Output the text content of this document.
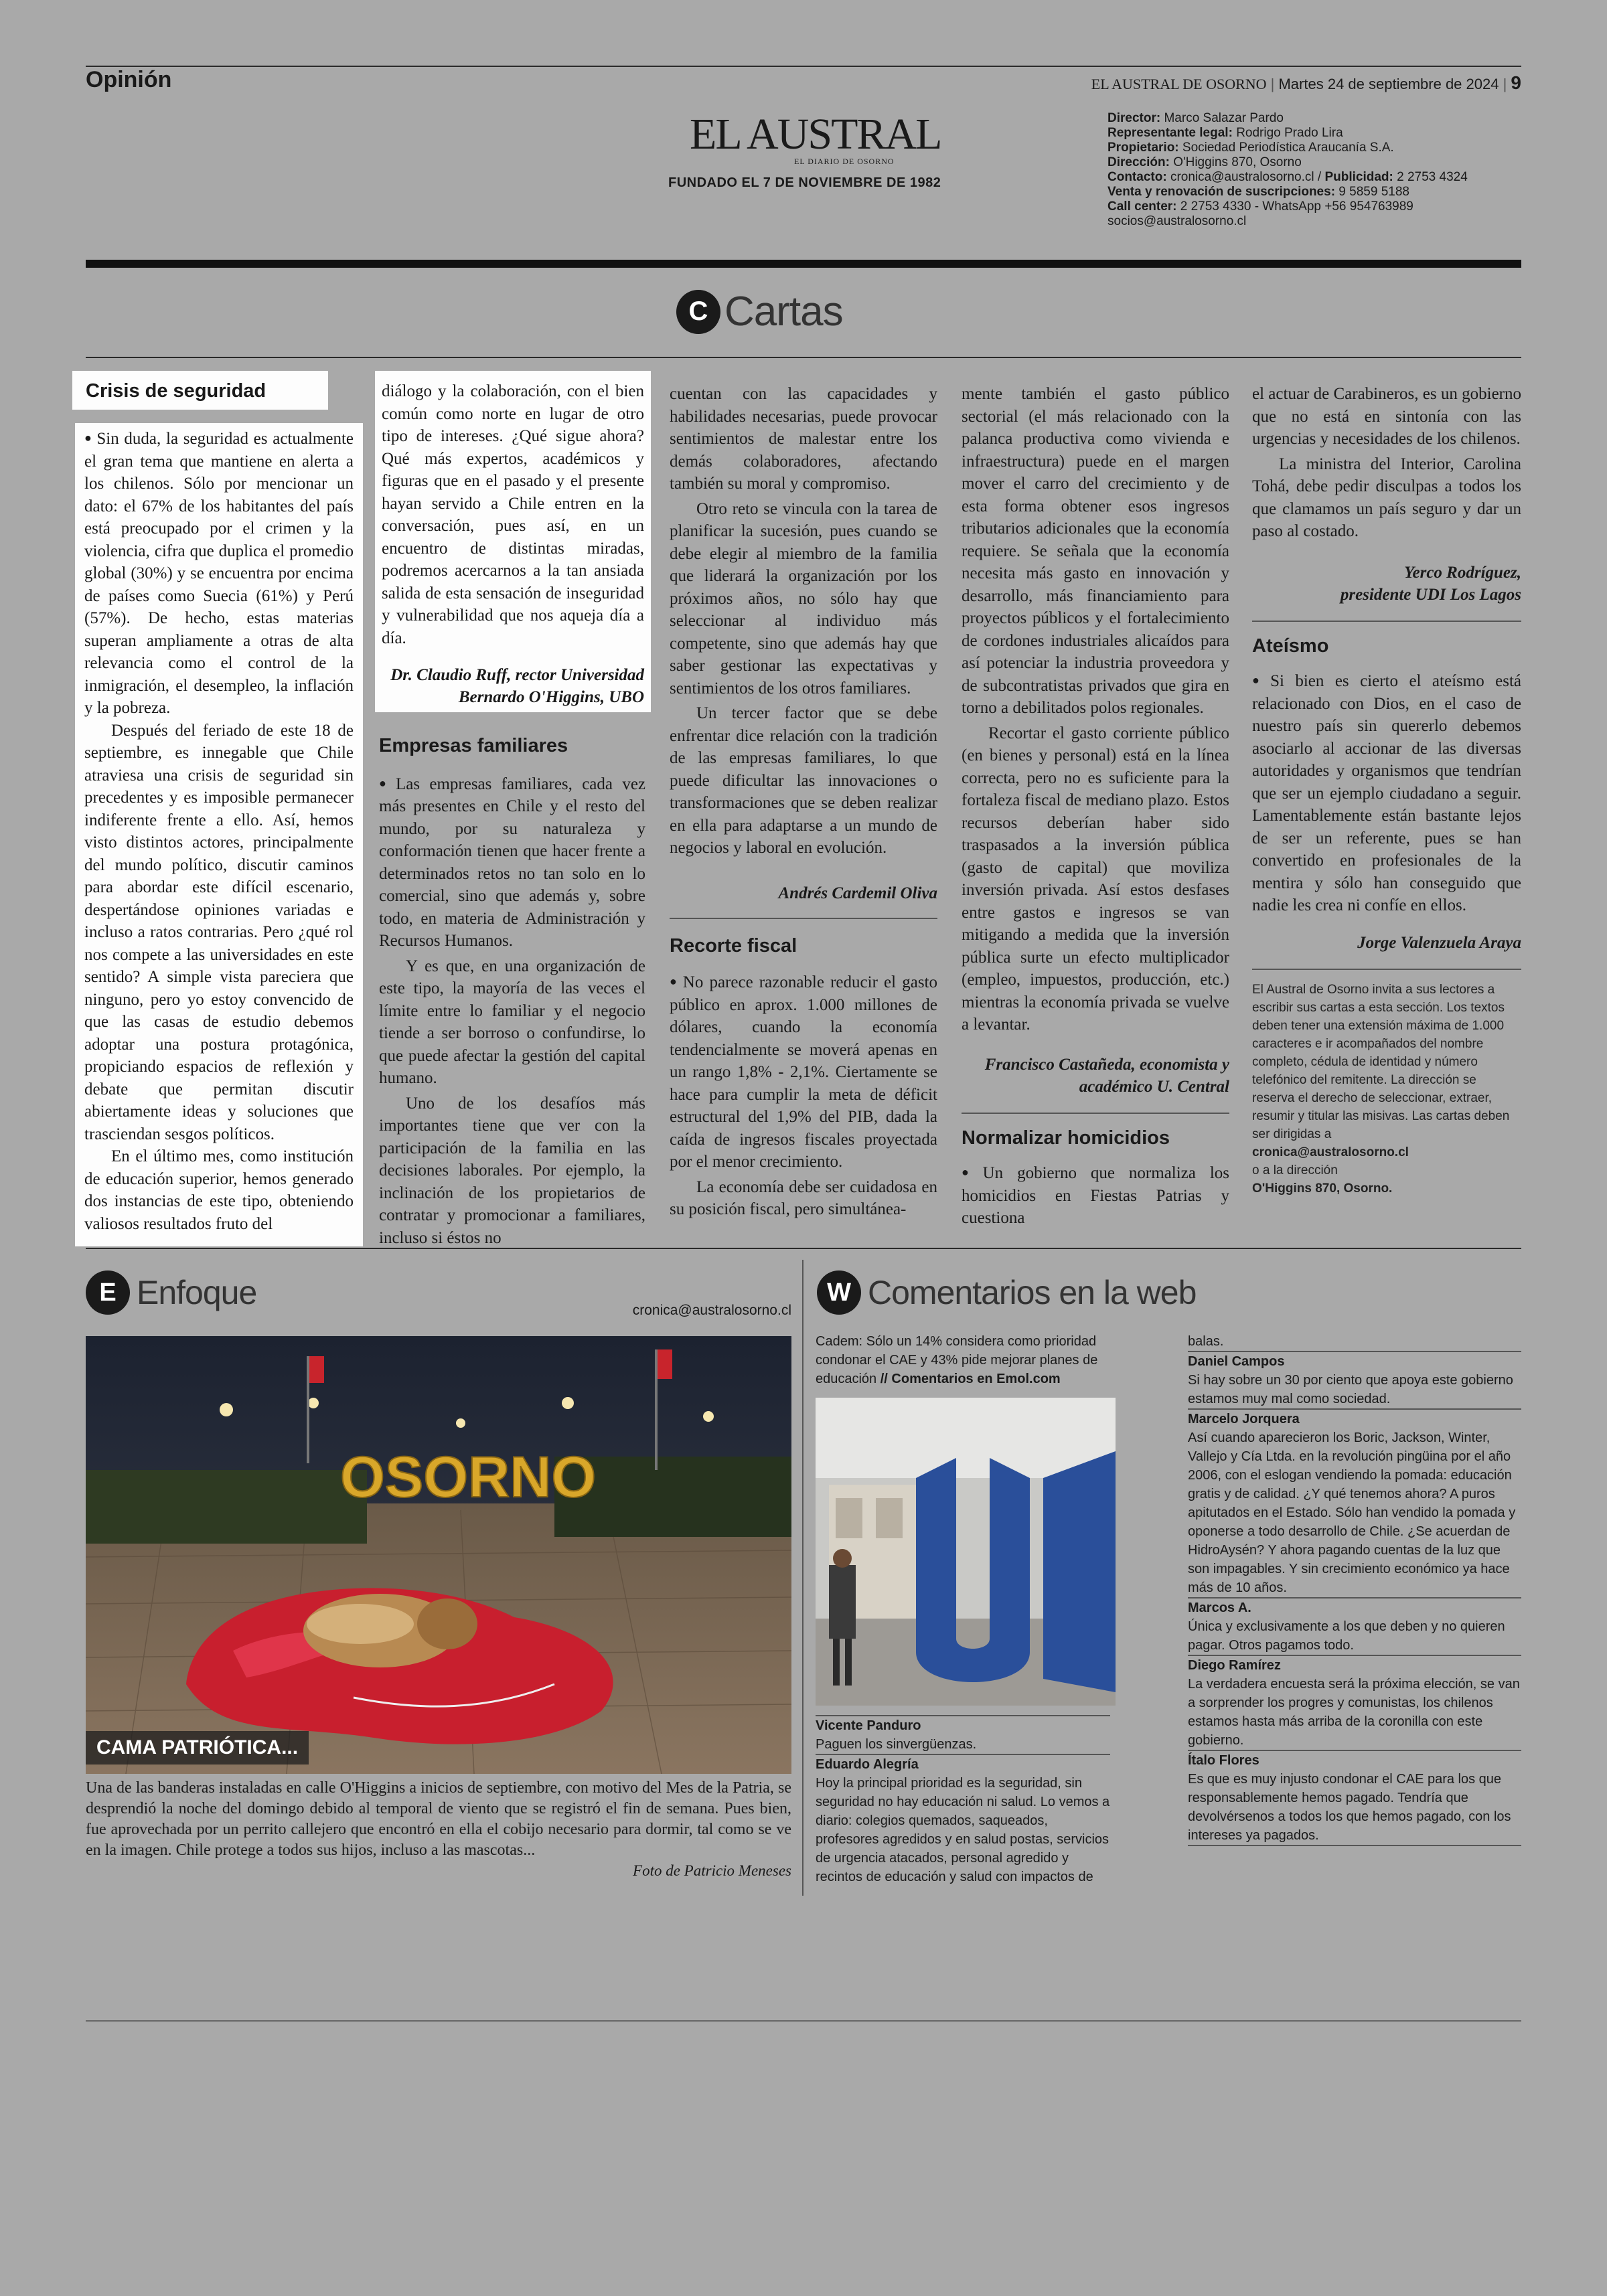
Opinión	EL AUSTRAL DE OSORNO | Martes 24 de septiembre de 2024 | 9
EL AUSTRAL
EL DIARIO DE OSORNO
FUNDADO EL 7 DE NOVIEMBRE DE 1982
Director: Marco Salazar Pardo
Representante legal: Rodrigo Prado Lira
Propietario: Sociedad Periodística Araucanía S.A.
Dirección: O'Higgins 870, Osorno
Contacto: cronica@australosorno.cl / Publicidad: 2 2753 4324
Venta y renovación de suscripciones: 9 5859 5188
Call center: 2 2753 4330 - WhatsApp +56 954763989
socios@australosorno.cl
C Cartas
Crisis de seguridad

● Sin duda, la seguridad es actualmente el gran tema que mantiene en alerta a los chilenos. Sólo por mencionar un dato: el 67% de los habitantes del país está preocupado por el crimen y la violencia, cifra que duplica el promedio global (30%) y se encuentra por encima de países como Suecia (61%) y Perú (57%). De hecho, estas materias superan ampliamente a otras de alta relevancia como el control de la inmigración, el desempleo, la inflación y la pobreza.

Después del feriado de este 18 de septiembre, es innegable que Chile atraviesa una crisis de seguridad sin precedentes y es imposible permanecer indiferente frente a ello. Así, hemos visto distintos actores, principalmente del mundo político, discutir caminos para abordar este difícil escenario, despertándose opiniones variadas e incluso a ratos contrarias. Pero ¿qué rol nos compete a las universidades en este sentido? A simple vista pareciera que ninguno, pero yo estoy convencido de que las casas de estudio debemos adoptar una postura protagónica, propiciando espacios de reflexión y debate que permitan discutir abiertamente ideas y soluciones que trasciendan sesgos políticos.

En el último mes, como institución de educación superior, hemos generado dos instancias de este tipo, obteniendo valiosos resultados fruto del

diálogo y la colaboración, con el bien común como norte en lugar de otro tipo de intereses. ¿Qué sigue ahora? Qué más expertos, académicos y figuras que en el pasado y el presente hayan servido a Chile entren en la conversación, pues así, en un encuentro de distintas miradas, podremos acercarnos a la tan ansiada salida de esta sensación de inseguridad y vulnerabilidad que nos aqueja día a día.

Dr. Claudio Ruff, rector Universidad
Bernardo O'Higgins, UBO
Empresas familiares

● Las empresas familiares, cada vez más presentes en Chile y el resto del mundo, por su naturaleza y conformación tienen que hacer frente a determinados retos no tan solo en lo comercial, sino que además y, sobre todo, en materia de Administración y Recursos Humanos.

Y es que, en una organización de este tipo, la mayoría de las veces el límite entre lo familiar y el negocio tiende a ser borroso o confundirse, lo que puede afectar la gestión del capital humano.

Uno de los desafíos más importantes tiene que ver con la participación de la familia en las decisiones laborales. Por ejemplo, la inclinación de los propietarios de contratar y promocionar a familiares, incluso si éstos no

cuentan con las capacidades y habilidades necesarias, puede provocar sentimientos de malestar entre los demás colaboradores, afectando también su moral y compromiso.

Otro reto se vincula con la tarea de planificar la sucesión, pues cuando se debe elegir al miembro de la familia que liderará la organización por los próximos años, no sólo hay que seleccionar al individuo más competente, sino que además hay que saber gestionar las expectativas y sentimientos de los otros familiares.

Un tercer factor que se debe enfrentar dice relación con la tradición de las empresas familiares, lo que puede dificultar las innovaciones o transformaciones que se deben realizar en ella para adaptarse a un mundo de negocios y laboral en evolución.

Andrés Cardemil Oliva
Recorte fiscal

● No parece razonable reducir el gasto público en aprox. 1.000 millones de dólares, cuando la economía tendencialmente se moverá apenas en un rango 1,8% - 2,1%. Ciertamente se hace para cumplir la meta de déficit estructural del 1,9% del PIB, dada la caída de ingresos fiscales proyectada por el menor crecimiento.

La economía debe ser cuidadosa en su posición fiscal, pero simultánea-

mente también el gasto público sectorial (el más relacionado con la palanca productiva como vivienda e infraestructura) puede en el margen mover el carro del crecimiento y de esta forma obtener esos ingresos tributarios adicionales que la economía requiere. Se señala que la economía necesita más gasto en innovación y desarrollo, más financiamiento para proyectos públicos y el fortalecimiento de cordones industriales alicaídos para así potenciar la industria proveedora y de subcontratistas privados que gira en torno a debilitados polos regionales.

Recortar el gasto corriente público (en bienes y personal) está en la línea correcta, pero no es suficiente para la fortaleza fiscal de mediano plazo. Estos recursos deberían haber sido traspasados a la inversión pública (gasto de capital) que moviliza inversión privada. Así estos desfases entre gastos e ingresos se van mitigando a medida que la inversión pública surte un efecto multiplicador (empleo, impuestos, producción, etc.) mientras la economía privada se vuelve a levantar.

Francisco Castañeda, economista y
académico U. Central
Normalizar homicidios

● Un gobierno que normaliza los homicidios en Fiestas Patrias y cuestiona

el actuar de Carabineros, es un gobierno que no está en sintonía con las urgencias y necesidades de los chilenos.

La ministra del Interior, Carolina Tohá, debe pedir disculpas a todos los que clamamos un país seguro y dar un paso al costado.

Yerco Rodríguez,
presidente UDI Los Lagos
Ateísmo

● Si bien es cierto el ateísmo está relacionado con Dios, en el caso de nuestro país sin quererlo debemos asociarlo al accionar de las diversas autoridades y organismos que tendrían que ser un ejemplo ciudadano a seguir. Lamentablemente están bastante lejos de ser un referente, pues se han convertido en profesionales de la mentira y sólo han conseguido que nadie les crea ni confíe en ellos.

Jorge Valenzuela Araya
El Austral de Osorno invita a sus lectores a escribir sus cartas a esta sección. Los textos deben tener una extensión máxima de 1.000 caracteres e ir acompañados del nombre completo, cédula de identidad y número telefónico del remitente. La dirección se reserva el derecho de seleccionar, extraer, resumir y titular las misivas. Las cartas deben ser dirigidas a
cronica@australosorno.cl
o a la dirección
O'Higgins 870, Osorno.
E Enfoque	cronica@australosorno.cl
OSORNO
CAMA PATRIÓTICA...

Una de las banderas instaladas en calle O'Higgins a inicios de septiembre, con motivo del Mes de la Patria, se desprendió la noche del domingo debido al temporal de viento que se registró el fin de semana. Pues bien, fue aprovechada por un perrito callejero que encontró en ella el cobijo necesario para dormir, tal como se ve en la imagen. Chile protege a todos sus hijos, incluso a las mascotas...

Foto de Patricio Meneses
W Comentarios en la web
Cadem: Sólo un 14% considera como prioridad condonar el CAE y 43% pide mejorar planes de educación // Comentarios en Emol.com
Vicente Panduro
Paguen los sinvergüenzas.
Eduardo Alegría
Hoy la principal prioridad es la seguridad, sin seguridad no hay educación ni salud. Lo vemos a diario: colegios quemados, saqueados, profesores agredidos y en salud postas, servicios de urgencia atacados, personal agredido y recintos de educación y salud con impactos de
balas.
Daniel Campos
Si hay sobre un 30 por ciento que apoya este gobierno estamos muy mal como sociedad.
Marcelo Jorquera
Así cuando aparecieron los Boric, Jackson, Winter, Vallejo y Cía Ltda. en la revolución pingüina por el año 2006, con el eslogan vendiendo la pomada: educación gratis y de calidad. ¿Y qué tenemos ahora? A puros apitutados en el Estado. Sólo han vendido la pomada y oponerse a todo desarrollo de Chile. ¿Se acuerdan de HidroAysén? Y ahora pagando cuentas de la luz que son impagables. Y sin crecimiento económico ya hace más de 10 años.
Marcos A.
Única y exclusivamente a los que deben y no quieren pagar. Otros pagamos todo.
Diego Ramírez
La verdadera encuesta será la próxima elección, se van a sorprender los progres y comunistas, los chilenos estamos hasta más arriba de la coronilla con este gobierno.
Ítalo Flores
Es que es muy injusto condonar el CAE para los que responsablemente hemos pagado. Tendría que devolvérsenos a todos los que hemos pagado, con los intereses ya pagados.
